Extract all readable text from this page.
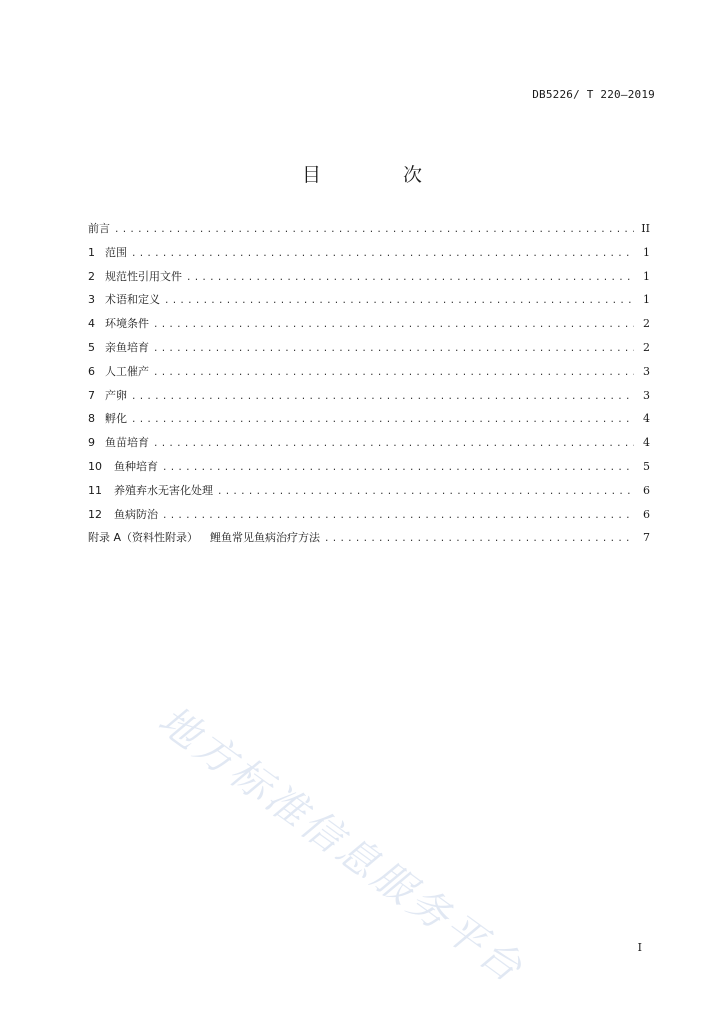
DB5226/ T 220—2019
目 次
前言 .....	II
1 范围 .....	1
2 规范性引用文件 .....	1
3 术语和定义 .....	1
4 环境条件 .....	2
5 亲鱼培育 .....	2
6 人工催产 .....	3
7 产卵 .....	3
8 孵化 .....	4
9 鱼苗培育 .....	4
10 鱼种培育 .....	5
11 养殖弃水无害化处理 .....	6
12 鱼病防治 .....	6
附录 A（资料性附录） 鲤鱼常见鱼病治疗方法 .....	7
地方标准信息服务平台	I
